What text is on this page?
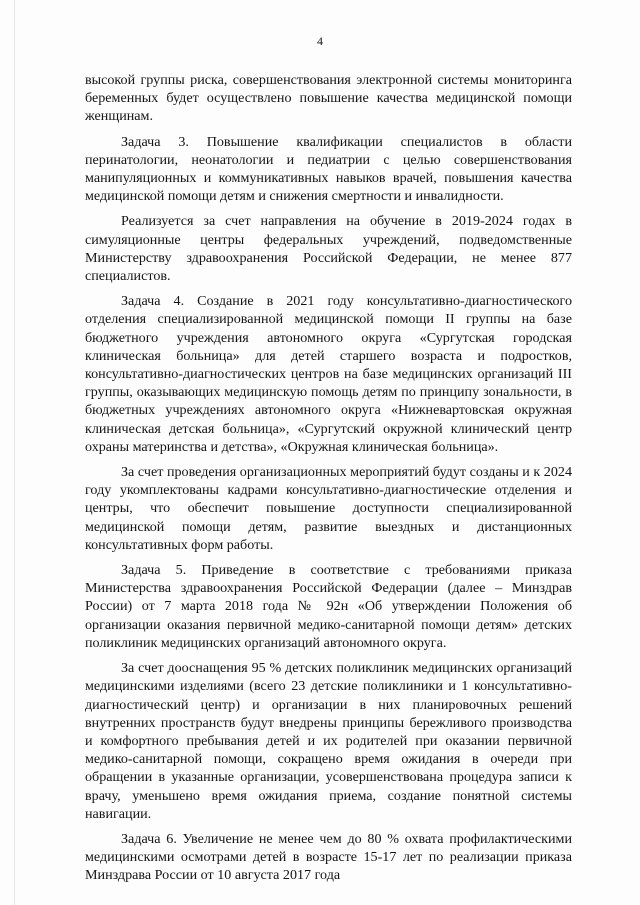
4

высокой группы риска, совершенствования электронной системы мониторинга беременных будет осуществлено повышение качества медицинской помощи женщинам.

Задача 3. Повышение квалификации специалистов в области перинатологии, неонатологии и педиатрии с целью совершенствования манипуляционных и коммуникативных навыков врачей, повышения качества медицинской помощи детям и снижения смертности и инвалидности.

Реализуется за счет направления на обучение в 2019-2024 годах в симуляционные центры федеральных учреждений, подведомственные Министерству здравоохранения Российской Федерации, не менее 877 специалистов.

Задача 4. Создание в 2021 году консультативно-диагностического отделения специализированной медицинской помощи II группы на базе бюджетного учреждения автономного округа «Сургутская городская клиническая больница» для детей старшего возраста и подростков, консультативно-диагностических центров на базе медицинских организаций III группы, оказывающих медицинскую помощь детям по принципу зональности, в бюджетных учреждениях автономного округа «Нижневартовская окружная клиническая детская больница», «Сургутский окружной клинический центр охраны материнства и детства», «Окружная клиническая больница».

За счет проведения организационных мероприятий будут созданы и к 2024 году укомплектованы кадрами консультативно-диагностические отделения и центры, что обеспечит повышение доступности специализированной медицинской помощи детям, развитие выездных и дистанционных консультативных форм работы.

Задача 5. Приведение в соответствие с требованиями приказа Министерства здравоохранения Российской Федерации (далее – Минздрав России) от 7 марта 2018 года № 92н «Об утверждении Положения об организации оказания первичной медико-санитарной помощи детям» детских поликлиник медицинских организаций автономного округа.

За счет дооснащения 95 % детских поликлиник медицинских организаций медицинскими изделиями (всего 23 детские поликлиники и 1 консультативно-диагностический центр) и организации в них планировочных решений внутренних пространств будут внедрены принципы бережливого производства и комфортного пребывания детей и их родителей при оказании первичной медико-санитарной помощи, сокращено время ожидания в очереди при обращении в указанные организации, усовершенствована процедура записи к врачу, уменьшено время ожидания приема, создание понятной системы навигации.

Задача 6. Увеличение не менее чем до 80 % охвата профилактическими медицинскими осмотрами детей в возрасте 15-17 лет по реализации приказа Минздрава России от 10 августа 2017 года
